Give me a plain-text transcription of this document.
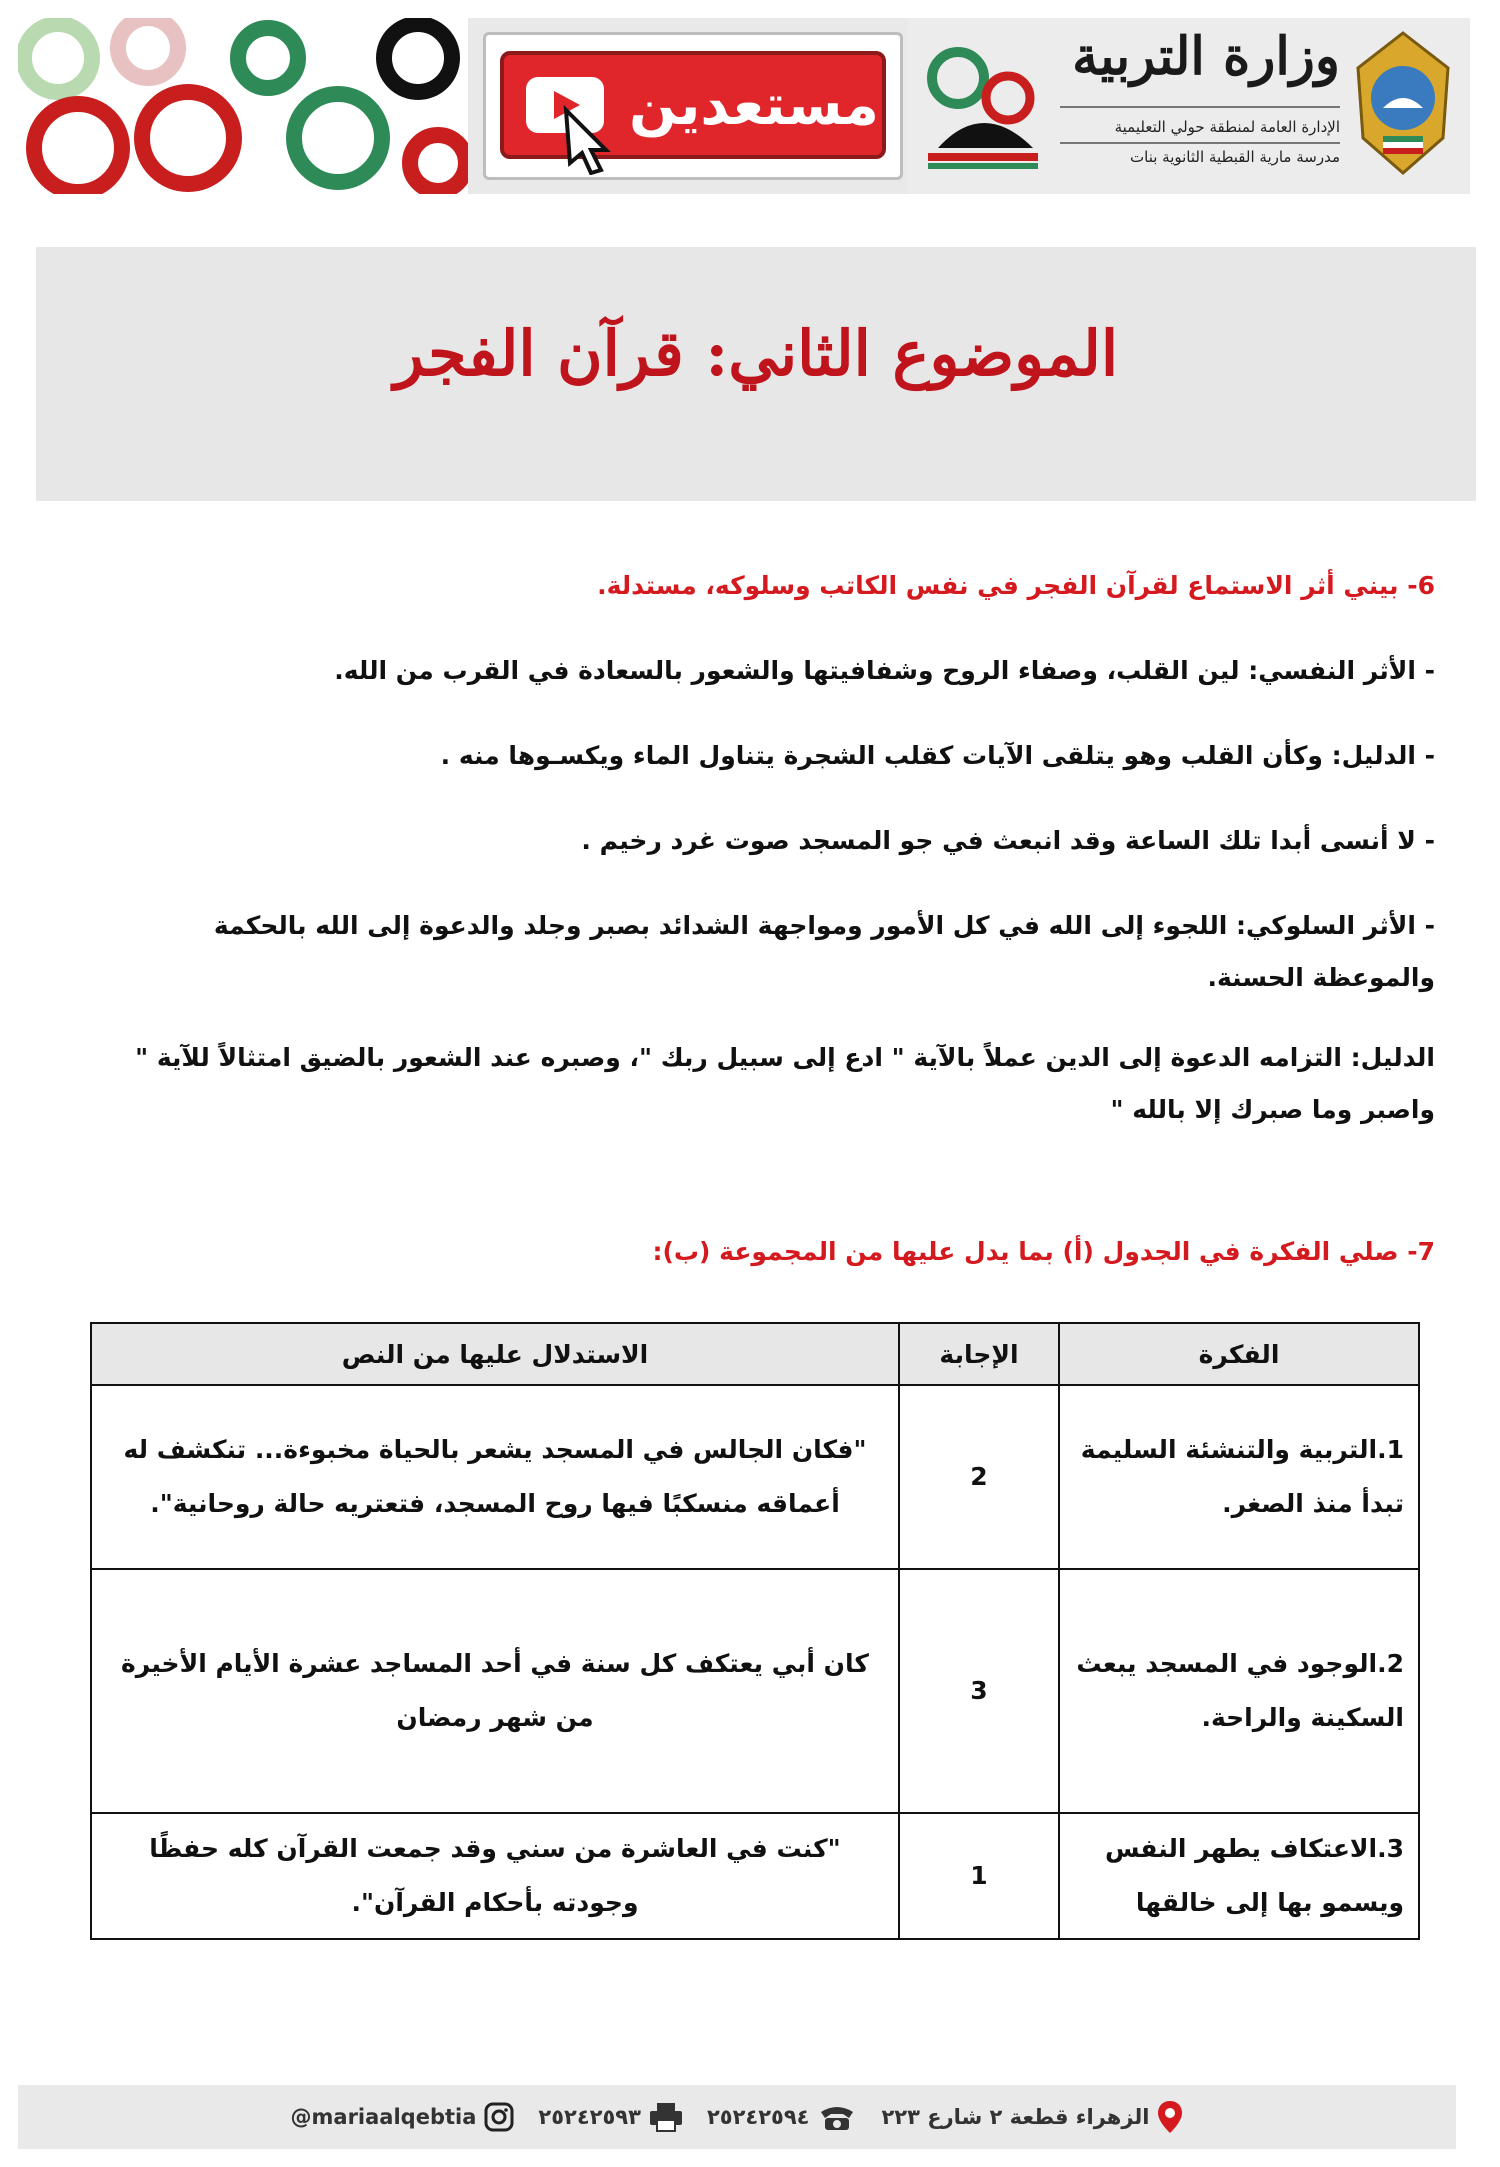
مستعدين
وزارة التربية
الإدارة العامة لمنطقة حولي التعليمية
مدرسة مارية القبطية الثانوية بنات
الموضوع الثاني: قرآن الفجر
6- بيني أثر الاستماع لقرآن الفجر في نفس الكاتب وسلوكه، مستدلة.
- الأثر النفسي: لين القلب، وصفاء الروح وشفافيتها والشعور بالسعادة في القرب من الله.
- الدليل: وكأن القلب وهو يتلقى الآيات كقلب الشجرة يتناول الماء ويكسـوها منه .
- لا أنسى أبدا تلك الساعة وقد انبعث في جو المسجد صوت غرد رخيم .
- الأثر السلوكي: اللجوء إلى الله في كل الأمور ومواجهة الشدائد بصبر وجلد والدعوة إلى الله بالحكمة والموعظة الحسنة.
الدليل: التزامه الدعوة إلى الدين عملاً بالآية " ادع إلى سبيل ربك "، وصبره عند الشعور بالضيق امتثالاً للآية " واصبر وما صبرك إلا بالله "
7- صلي الفكرة في الجدول (أ) بما يدل عليها من المجموعة (ب):
الفكرة	الإجابة	الاستدلال عليها من النص
1.التربية والتنشئة السليمة تبدأ منذ الصغر.	2	"فكان الجالس في المسجد يشعر بالحياة مخبوءة... تنكشف له أعماقه منسكبًا فيها روح المسجد، فتعتريه حالة روحانية".
2.الوجود في المسجد يبعث السكينة والراحة.	3	كان أبي يعتكف كل سنة في أحد المساجد عشرة الأيام الأخيرة من شهر رمضان
3.الاعتكاف يطهر النفس ويسمو بها إلى خالقها	1	"كنت في العاشرة من سني وقد جمعت القرآن كله حفظًا وجودته بأحكام القرآن".
الزهراء قطعة ٢ شارع ٢٢٣
٢٥٢٤٢٥٩٤
٢٥٢٤٢٥٩٣
@mariaalqebtia
